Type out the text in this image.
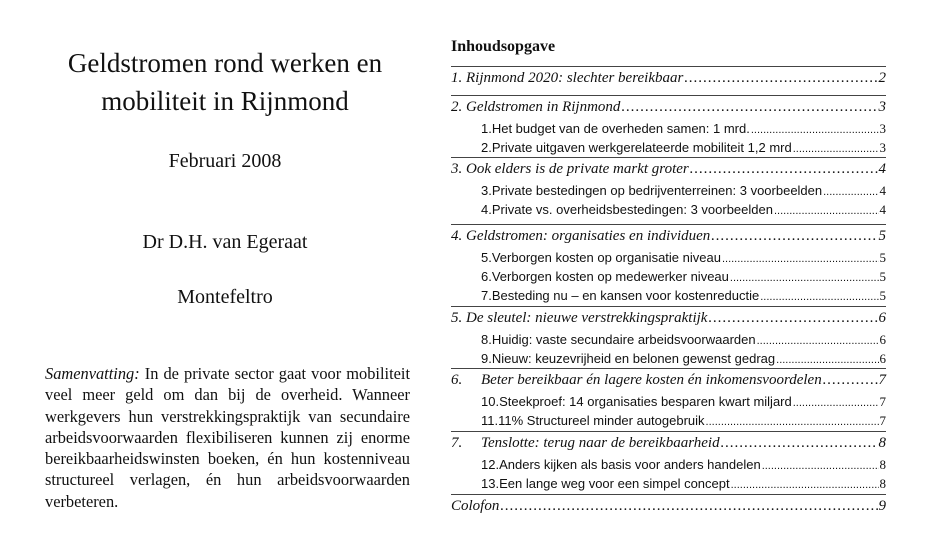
Geldstromen rond werken en
mobiliteit in Rijnmond
Februari 2008
Dr D.H. van Egeraat
Montefeltro

Samenvatting: In de private sector gaat voor mobiliteit veel meer geld om dan bij de overheid. Wanneer werkgevers hun verstrekkingspraktijk van secundaire arbeidsvoorwaarden flexibiliseren kunnen zij enorme bereikbaarheidswinsten boeken, én hun kostenniveau structureel verlagen, én hun arbeidsvoorwaarden verbeteren.

Inhoudsopgave
1. Rijnmond 2020: slechter bereikbaar .....	2
2. Geldstromen in Rijnmond .....	3
1. Het budget van de overheden samen: 1 mrd. .....	3
2. Private uitgaven werkgerelateerde mobiliteit 1,2 mrd .....	3
3. Ook elders is de private markt groter .....	4
3. Private bestedingen op bedrijventerreinen: 3 voorbeelden .....	4
4. Private vs. overheidsbestedingen: 3 voorbeelden .....	4
4. Geldstromen: organisaties en individuen .....	5
5. Verborgen kosten op organisatie niveau .....	5
6. Verborgen kosten op medewerker niveau .....	5
7. Besteding nu – en kansen voor kostenreductie .....	5
5. De sleutel: nieuwe verstrekkingspraktijk .....	6
8. Huidig: vaste secundaire arbeidsvoorwaarden .....	6
9. Nieuw: keuzevrijheid en belonen gewenst gedrag .....	6
6.     Beter bereikbaar én lagere kosten én inkomensvoordelen .....	7
10. Steekproef: 14 organisaties besparen kwart miljard .....	7
11. 11% Structureel minder autogebruik .....	7
7.     Tenslotte: terug naar de bereikbaarheid .....	8
12. Anders kijken als basis voor anders handelen .....	8
13. Een lange weg voor een simpel concept .....	8
Colofon .....	9
